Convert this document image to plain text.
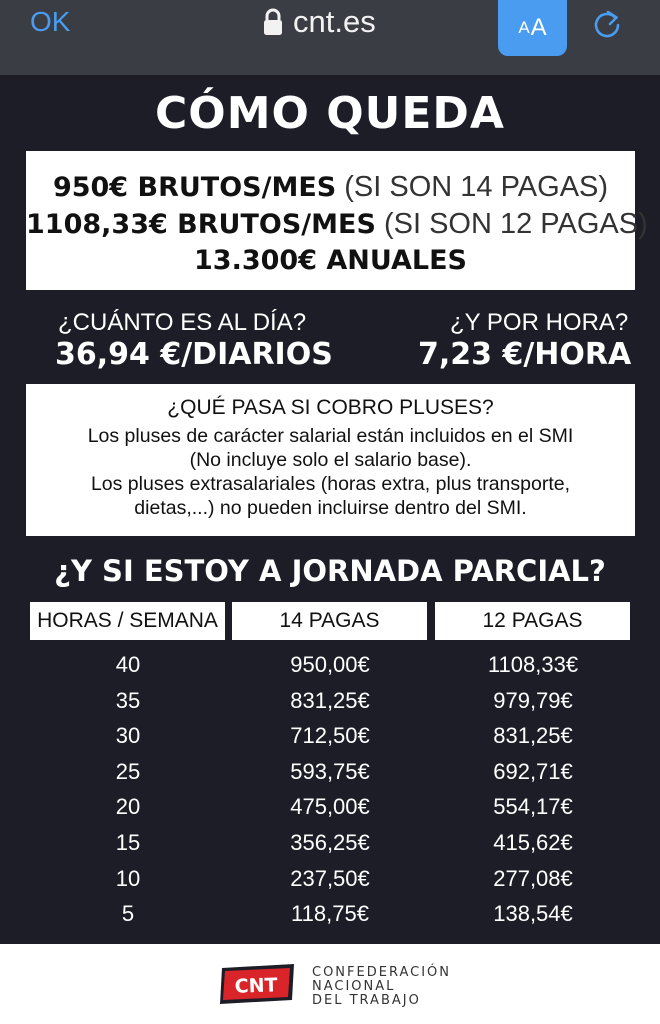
OK	cnt.es	A A
CÓMO QUEDA
950€ BRUTOS/MES (SI SON 14 PAGAS)
1108,33€ BRUTOS/MES (SI SON 12 PAGAS)
13.300€ ANUALES
¿CUÁNTO ES AL DÍA?
36,94 €/DIARIOS
¿Y POR HORA?
7,23 €/HORA
¿QUÉ PASA SI COBRO PLUSES?
Los pluses de carácter salarial están incluidos en el SMI
(No incluye solo el salario base).
Los pluses extrasalariales (horas extra, plus transporte,
dietas,...) no pueden incluirse dentro del SMI.
¿Y SI ESTOY A JORNADA PARCIAL?
HORAS / SEMANA	14 PAGAS	12 PAGAS
40	950,00€	1108,33€
35	831,25€	979,79€
30	712,50€	831,25€
25	593,75€	692,71€
20	475,00€	554,17€
15	356,25€	415,62€
10	237,50€	277,08€
5	118,75€	138,54€
CNT
CONFEDERACIÓN
NACIONAL
DEL TRABAJO
